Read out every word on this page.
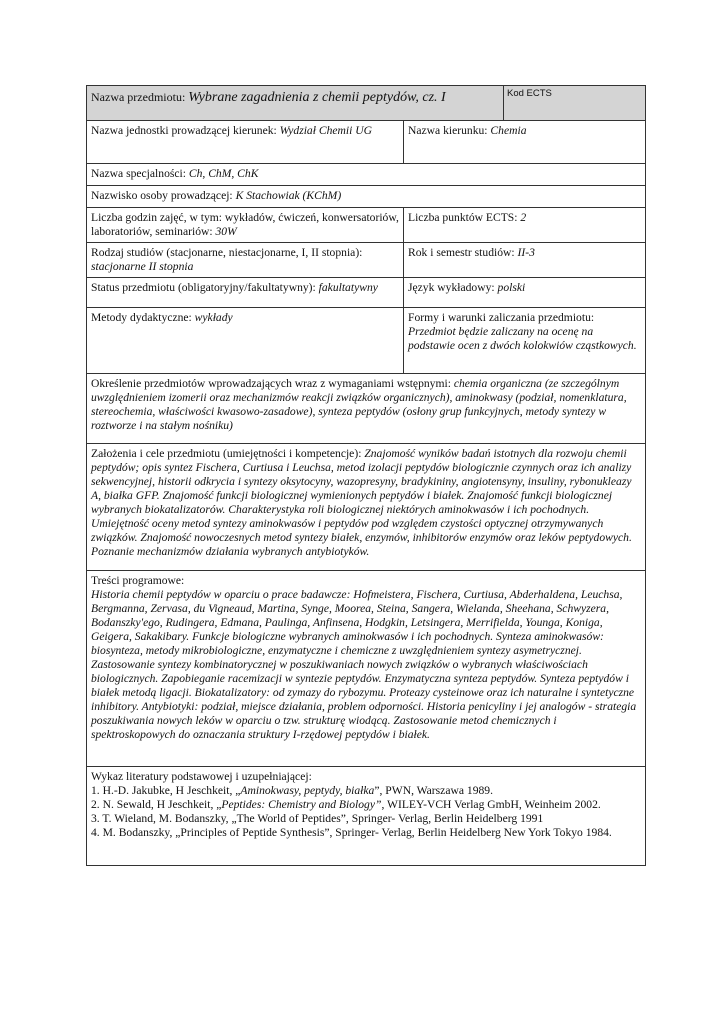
Nazwa przedmiotu: Wybrane zagadnienia z chemii peptydów, cz. I		Kod ECTS
Nazwa jednostki prowadzącej kierunek: Wydział Chemii UG	Nazwa kierunku: Chemia	
Nazwa specjalności: Ch, ChM, ChK		
Nazwisko osoby prowadzącej: K Stachowiak (KChM)		
Liczba godzin zajęć, w tym: wykładów, ćwiczeń, konwersatoriów, laboratoriów, seminariów: 30W	Liczba punktów ECTS: 2	
Rodzaj studiów (stacjonarne, niestacjonarne, I, II stopnia): stacjonarne II stopnia	Rok i semestr studiów: II-3	
Status przedmiotu (obligatoryjny/fakultatywny): fakultatywny	Język wykładowy: polski	
Metody dydaktyczne: wykłady	Formy i warunki zaliczania przedmiotu: Przedmiot będzie zaliczany na ocenę na podstawie ocen z dwóch kolokwiów cząstkowych.	
Określenie przedmiotów wprowadzających wraz z wymaganiami wstępnymi: chemia organiczna (ze szczególnym uwzględnieniem izomerii oraz mechanizmów reakcji związków organicznych), aminokwasy (podział, nomenklatura, stereochemia, właściwości kwasowo-zasadowe), synteza peptydów (osłony grup funkcyjnych, metody syntezy w roztworze i na stałym nośniku)		
Założenia i cele przedmiotu (umiejętności i kompetencje): Znajomość wyników badań istotnych dla rozwoju chemii peptydów; opis syntez Fischera, Curtiusa i Leuchsa, metod izolacji peptydów biologicznie czynnych oraz ich analizy sekwencyjnej, historii odkrycia i syntezy oksytocyny, wazopresyny, bradykininy, angiotensyny, insuliny, rybonukleazy A, białka GFP. Znajomość funkcji biologicznej wymienionych peptydów i białek. Znajomość funkcji biologicznej wybranych biokatalizatorów. Charakterystyka roli biologicznej niektórych aminokwasów i ich pochodnych. Umiejętność oceny metod syntezy aminokwasów i peptydów pod względem czystości optycznej otrzymywanych związków. Znajomość nowoczesnych metod syntezy białek, enzymów, inhibitorów enzymów oraz leków peptydowych. Poznanie mechanizmów działania wybranych antybiotyków.		

Treści programowe:
Historia chemii peptydów w oparciu o prace badawcze: Hofmeistera, Fischera, Curtiusa, Abderhaldena, Leuchsa, Bergmanna, Zervasa, du Vigneaud, Martina, Synge, Moorea, Steina, Sangera, Wielanda, Sheehana, Schwyzera, Bodanszky'ego, Rudingera, Edmana, Paulinga, Anfinsena, Hodgkin, Letsingera, Merrifielda, Younga, Koniga, Geigera, Sakakibary. Funkcje biologiczne wybranych aminokwasów i ich pochodnych. Synteza aminokwasów: biosynteza, metody mikrobiologiczne, enzymatyczne i chemiczne z uwzględnieniem syntezy asymetrycznej. Zastosowanie syntezy kombinatorycznej w poszukiwaniach nowych związków o wybranych właściwościach biologicznych. Zapobieganie racemizacji w syntezie peptydów. Enzymatyczna synteza peptydów. Synteza peptydów i białek metodą ligacji. Biokatalizatory: od zymazy do rybozymu. Proteazy cysteinowe oraz ich naturalne i syntetyczne inhibitory. Antybiotyki: podział, miejsce działania, problem odporności. Historia penicyliny i jej analogów - strategia poszukiwania nowych leków w oparciu o tzw. strukturę wiodącą. Zastosowanie metod chemicznych i spektroskopowych do oznaczania struktury I-rzędowej peptydów i białek.		

Wykaz literatury podstawowej i uzupełniającej:
1. H.-D. Jakubke, H Jeschkeit, „Aminokwasy, peptydy, białka”, PWN, Warszawa 1989.
2. N. Sewald, H Jeschkeit, „Peptides: Chemistry and Biology”, WILEY-VCH Verlag GmbH, Weinheim 2002.
3. T. Wieland, M. Bodanszky, „The World of Peptides”, Springer- Verlag, Berlin Heidelberg 1991
4. M. Bodanszky, „Principles of Peptide Synthesis”, Springer- Verlag, Berlin Heidelberg New York Tokyo 1984.		
